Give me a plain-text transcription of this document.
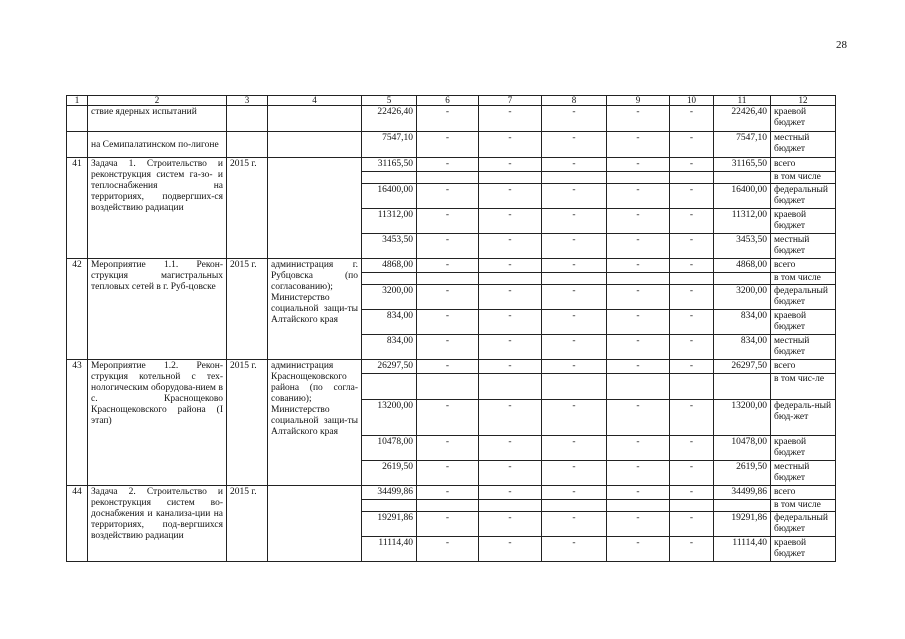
28
1	2	3	4	5	6	7	8	9	10	11	12
	ствие ядерных испытаний			22426,40	-	-	-	-	-	22426,40	краевой бюджет
	на Семипалатинском по-лигоне			7547,10	-	-	-	-	-	7547,10	местный бюджет
41	Задача 1. Строительство и реконструкция систем га-зо- и теплоснабжения на территориях, подвергших-ся воздействию радиации	2015 г.		31165,50	-	-	-	-	-	31165,50	всего
											в том числе
				16400,00	-	-	-	-	-	16400,00	федеральный бюджет
				11312,00	-	-	-	-	-	11312,00	краевой бюджет
				3453,50	-	-	-	-	-	3453,50	местный бюджет
42	Мероприятие 1.1. Рекон-струкция магистральных тепловых сетей в г. Руб-цовске	2015 г.	администрация г. Рубцовска (по согласованию); Министерство социальной защи-ты Алтайского края	4868,00	-	-	-	-	-	4868,00	всего
											в том числе
				3200,00	-	-	-	-	-	3200,00	федеральный бюджет
				834,00	-	-	-	-	-	834,00	краевой бюджет
				834,00	-	-	-	-	-	834,00	местный бюджет
43	Мероприятие 1.2. Рекон-струкция котельной с тех-нологическим оборудова-нием в с. Краснощеково Краснощековского района (I этап)	2015 г.	администрация Краснощековского района (по согла-сованию); Министерство социальной защи-ты Алтайского края	26297,50	-	-	-	-	-	26297,50	всего
											в том чис-ле
				13200,00	-	-	-	-	-	13200,00	федераль-ный бюд-жет
				10478,00	-	-	-	-	-	10478,00	краевой бюджет
				2619,50	-	-	-	-	-	2619,50	местный бюджет
44	Задача 2. Строительство и реконструкция систем во-доснабжения и канализа-ции на территориях, под-вергшихся воздействию радиации	2015 г.		34499,86	-	-	-	-	-	34499,86	всего
											в том числе
				19291,86	-	-	-	-	-	19291,86	федеральный бюджет
				11114,40	-	-	-	-	-	11114,40	краевой бюджет
